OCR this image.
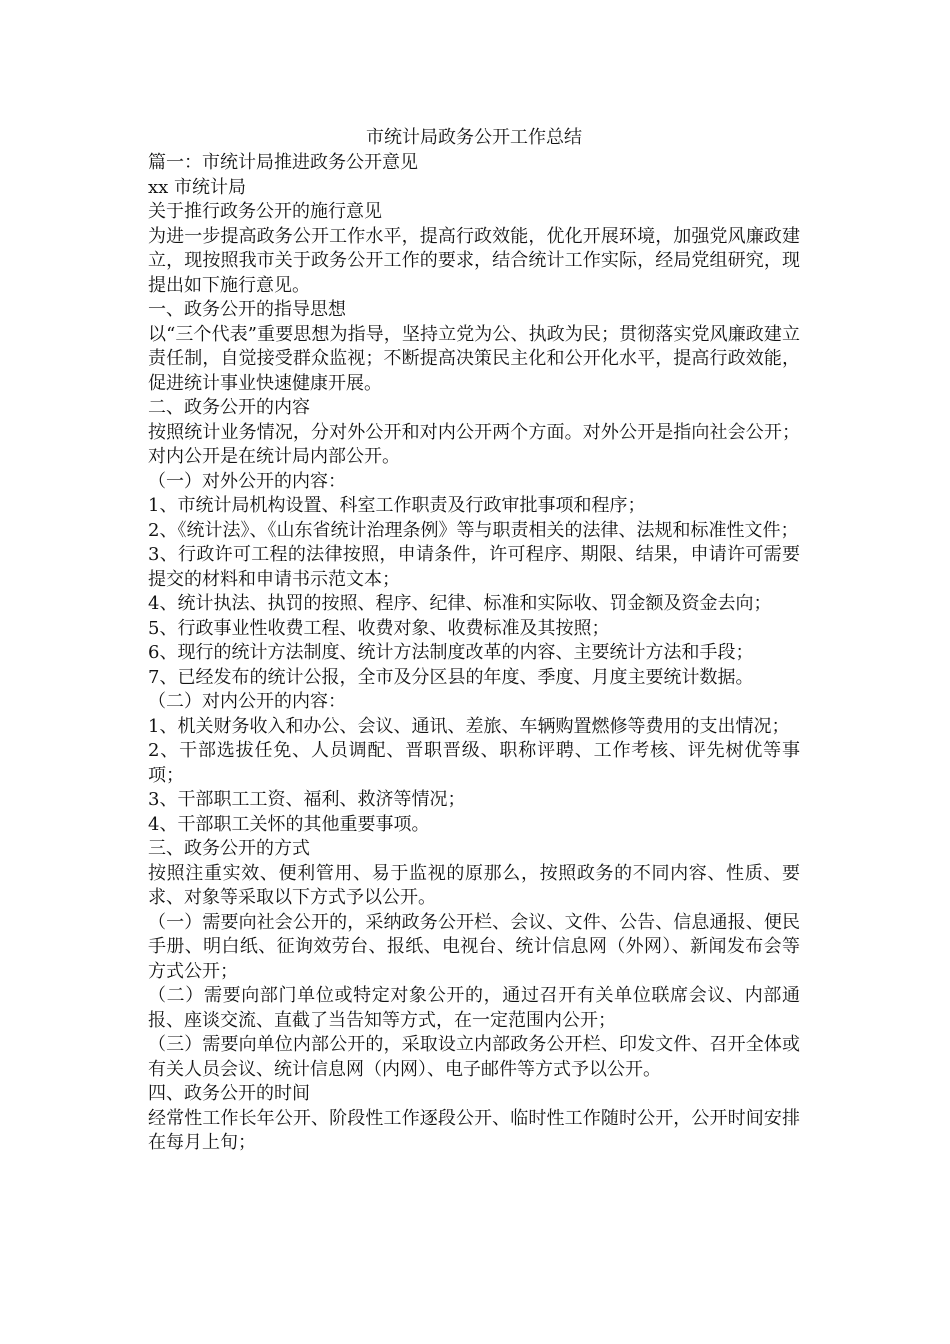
市统计局政务公开工作总结

篇一：市统计局推进政务公开意见

xx 市统计局

关于推行政务公开的施行意见

为进一步提高政务公开工作水平，提高行政效能，优化开展环境，加强党风廉政建立，现按照我市关于政务公开工作的要求，结合统计工作实际，经局党组研究，现提出如下施行意见。

一、政务公开的指导思想

以“三个代表”重要思想为指导，坚持立党为公、执政为民；贯彻落实党风廉政建立责任制，自觉接受群众监视；不断提高决策民主化和公开化水平，提高行政效能，促进统计事业快速健康开展。

二、政务公开的内容

按照统计业务情况，分对外公开和对内公开两个方面。对外公开是指向社会公开；对内公开是在统计局内部公开。

（一）对外公开的内容：

1、市统计局机构设置、科室工作职责及行政审批事项和程序；

2、《统计法》、《山东省统计治理条例》等与职责相关的法律、法规和标准性文件；

3、行政许可工程的法律按照，申请条件，许可程序、期限、结果，申请许可需要提交的材料和申请书示范文本；

4、统计执法、执罚的按照、程序、纪律、标准和实际收、罚金额及资金去向；

5、行政事业性收费工程、收费对象、收费标准及其按照；

6、现行的统计方法制度、统计方法制度改革的内容、主要统计方法和手段；

7、已经发布的统计公报，全市及分区县的年度、季度、月度主要统计数据。

（二）对内公开的内容：

1、机关财务收入和办公、会议、通讯、差旅、车辆购置燃修等费用的支出情况；

2、干部选拔任免、人员调配、晋职晋级、职称评聘、工作考核、评先树优等事项；

3、干部职工工资、福利、救济等情况；

4、干部职工关怀的其他重要事项。

三、政务公开的方式

按照注重实效、便利管用、易于监视的原那么，按照政务的不同内容、性质、要求、对象等采取以下方式予以公开。

（一）需要向社会公开的，采纳政务公开栏、会议、文件、公告、信息通报、便民手册、明白纸、征询效劳台、报纸、电视台、统计信息网（外网）、新闻发布会等方式公开；

（二）需要向部门单位或特定对象公开的，通过召开有关单位联席会议、内部通报、座谈交流、直截了当告知等方式，在一定范围内公开；

（三）需要向单位内部公开的，采取设立内部政务公开栏、印发文件、召开全体或有关人员会议、统计信息网（内网）、电子邮件等方式予以公开。

四、政务公开的时间

经常性工作长年公开、阶段性工作逐段公开、临时性工作随时公开，公开时间安排在每月上旬；
